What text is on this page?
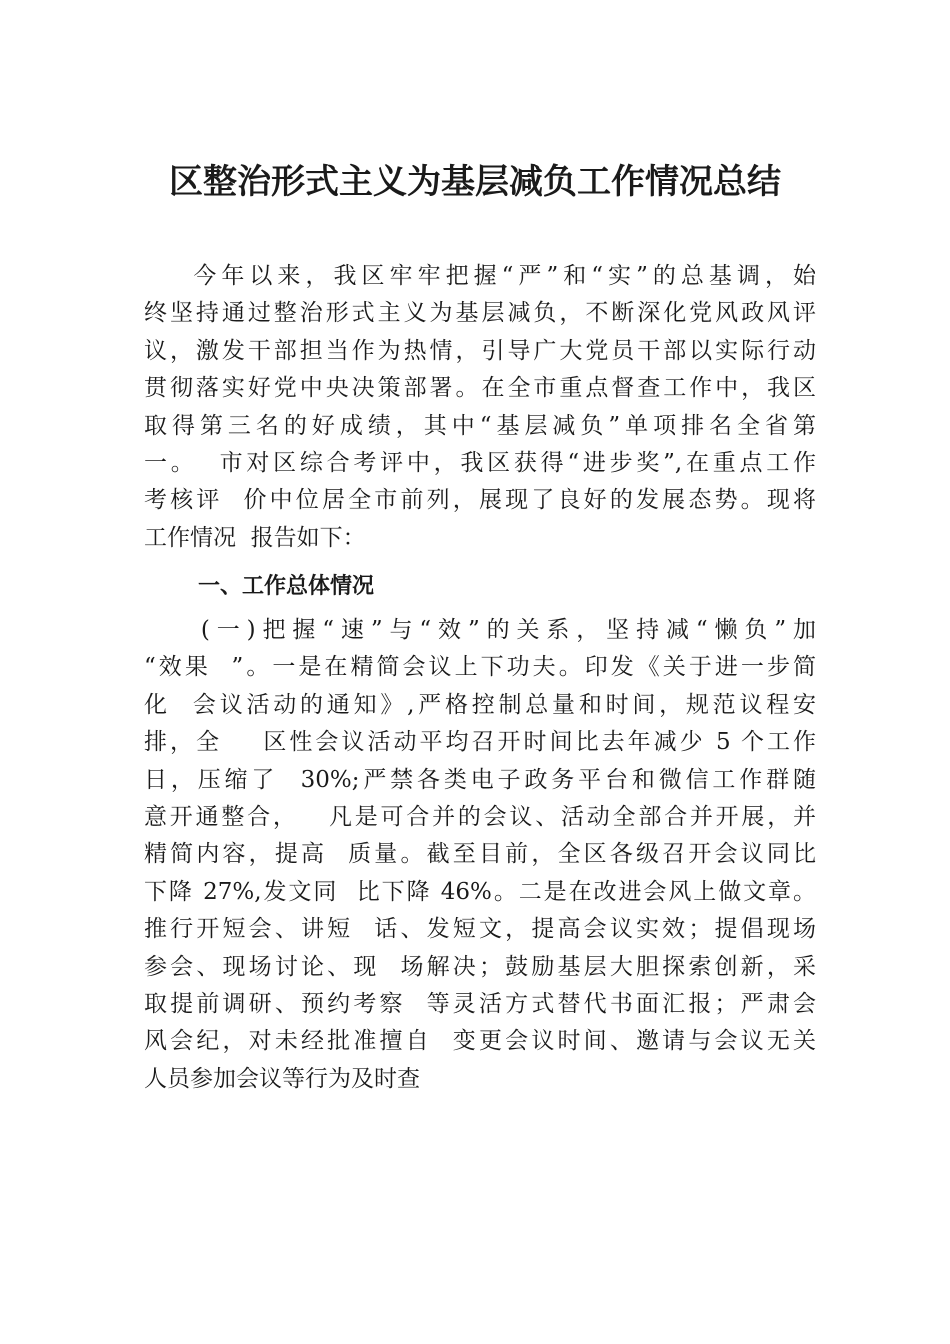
区整治形式主义为基层减负工作情况总结
今年以来，我区牢牢把握“严”和“实”的总基调，始
终坚持通过整治形式主义为基层减负，不断深化党风政风评
议，激发干部担当作为热情，引导广大党员干部以实际行动
贯彻落实好党中央决策部署。在全市重点督查工作中，我区
取得第三名的好成绩，其中“基层减负”单项排名全省第
一。  市对区综合考评中，我区获得“进步奖”,在重点工作
考核评  价中位居全市前列，展现了良好的发展态势。现将
工作情况  报告如下：
一、工作总体情况
(一)把握“速”与“效”的关系，坚持减“懒负”加
“效果  ”。一是在精简会议上下功夫。印发《关于进一步简
化  会议活动的通知》,严格控制总量和时间，规范议程安
排，全    区性会议活动平均召开时间比去年减少 5 个工作
日，压缩了  30%;严禁各类电子政务平台和微信工作群随
意开通整合，   凡是可合并的会议、活动全部合并开展，并
精简内容，提高  质量。截至目前，全区各级召开会议同比
下降 27%,发文同  比下降 46%。二是在改进会风上做文章。
推行开短会、讲短  话、发短文，提高会议实效；提倡现场
参会、现场讨论、现  场解决；鼓励基层大胆探索创新，采
取提前调研、预约考察  等灵活方式替代书面汇报；严肃会
风会纪，对未经批准擅自  变更会议时间、邀请与会议无关
人员参加会议等行为及时查
